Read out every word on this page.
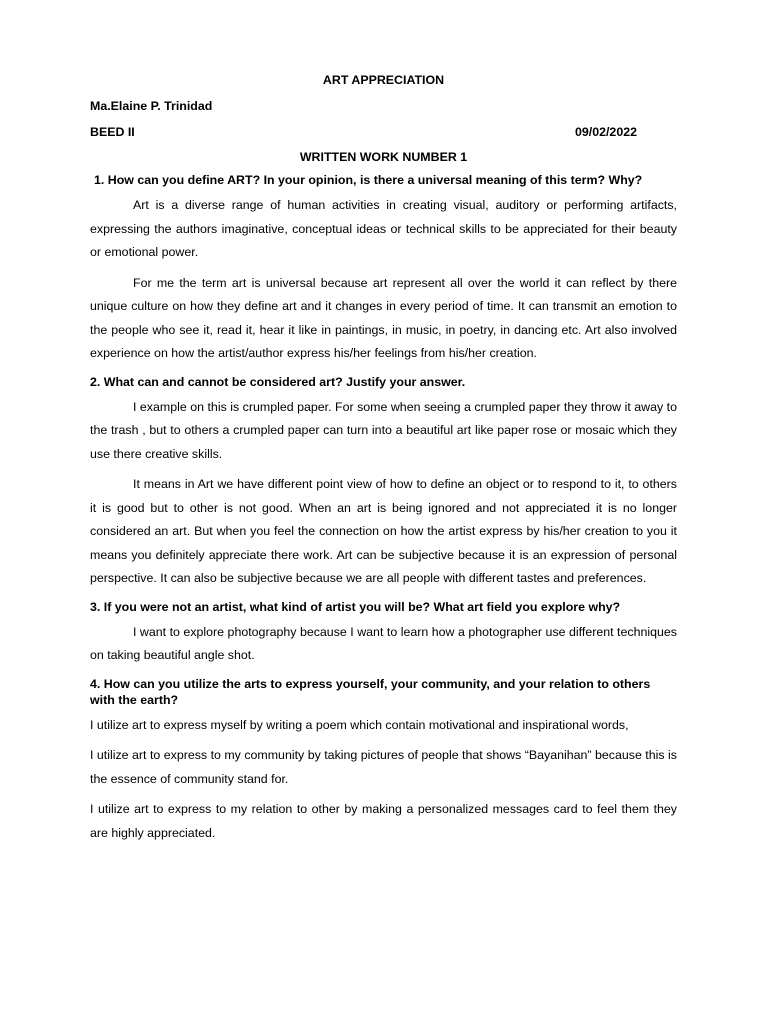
ART APPRECIATION
Ma.Elaine P. Trinidad
BEED II	09/02/2022
WRITTEN WORK NUMBER 1
1. How can you define ART? In your opinion, is there a universal meaning of this term? Why?

Art is a diverse range of human activities in creating visual, auditory or performing artifacts, expressing the authors imaginative, conceptual ideas or technical skills to be appreciated for their beauty or emotional power.

For me the term art is universal because art represent all over the world it can reflect by there unique culture on how they define art and it changes in every period of time. It can transmit an emotion to the people who see it, read it, hear it like in paintings, in music, in poetry, in dancing etc. Art also involved experience on how the artist/author express his/her feelings from his/her creation.

2. What can and cannot be considered art? Justify your answer.

I example on this is crumpled paper. For some when seeing a crumpled paper they throw it away to the trash , but to others a crumpled paper can turn into a beautiful art like paper rose or mosaic which they use there creative skills.

It means in Art we have different point view of how to define an object or to respond to it, to others it is good but to other is not good. When an art is being ignored and not appreciated it is no longer considered an art. But when you feel the connection on how the artist express by his/her creation to you it means you definitely appreciate there work. Art can be subjective because it is an expression of personal perspective. It can also be subjective because we are all people with different tastes and preferences.

3. If you were not an artist, what kind of artist you will be? What art field you explore why?

I want to explore photography because I want to learn how a photographer use different techniques on taking beautiful angle shot.

4. How can you utilize the arts to express yourself, your community, and your relation to others with the earth?

I utilize art to express myself by writing a poem which contain motivational and inspirational words,

I utilize art to express to my community by taking pictures of people that shows “Bayanihan” because this is the essence of community stand for.

I utilize art to express to my relation to other by making a personalized messages card to feel them they are highly appreciated.
